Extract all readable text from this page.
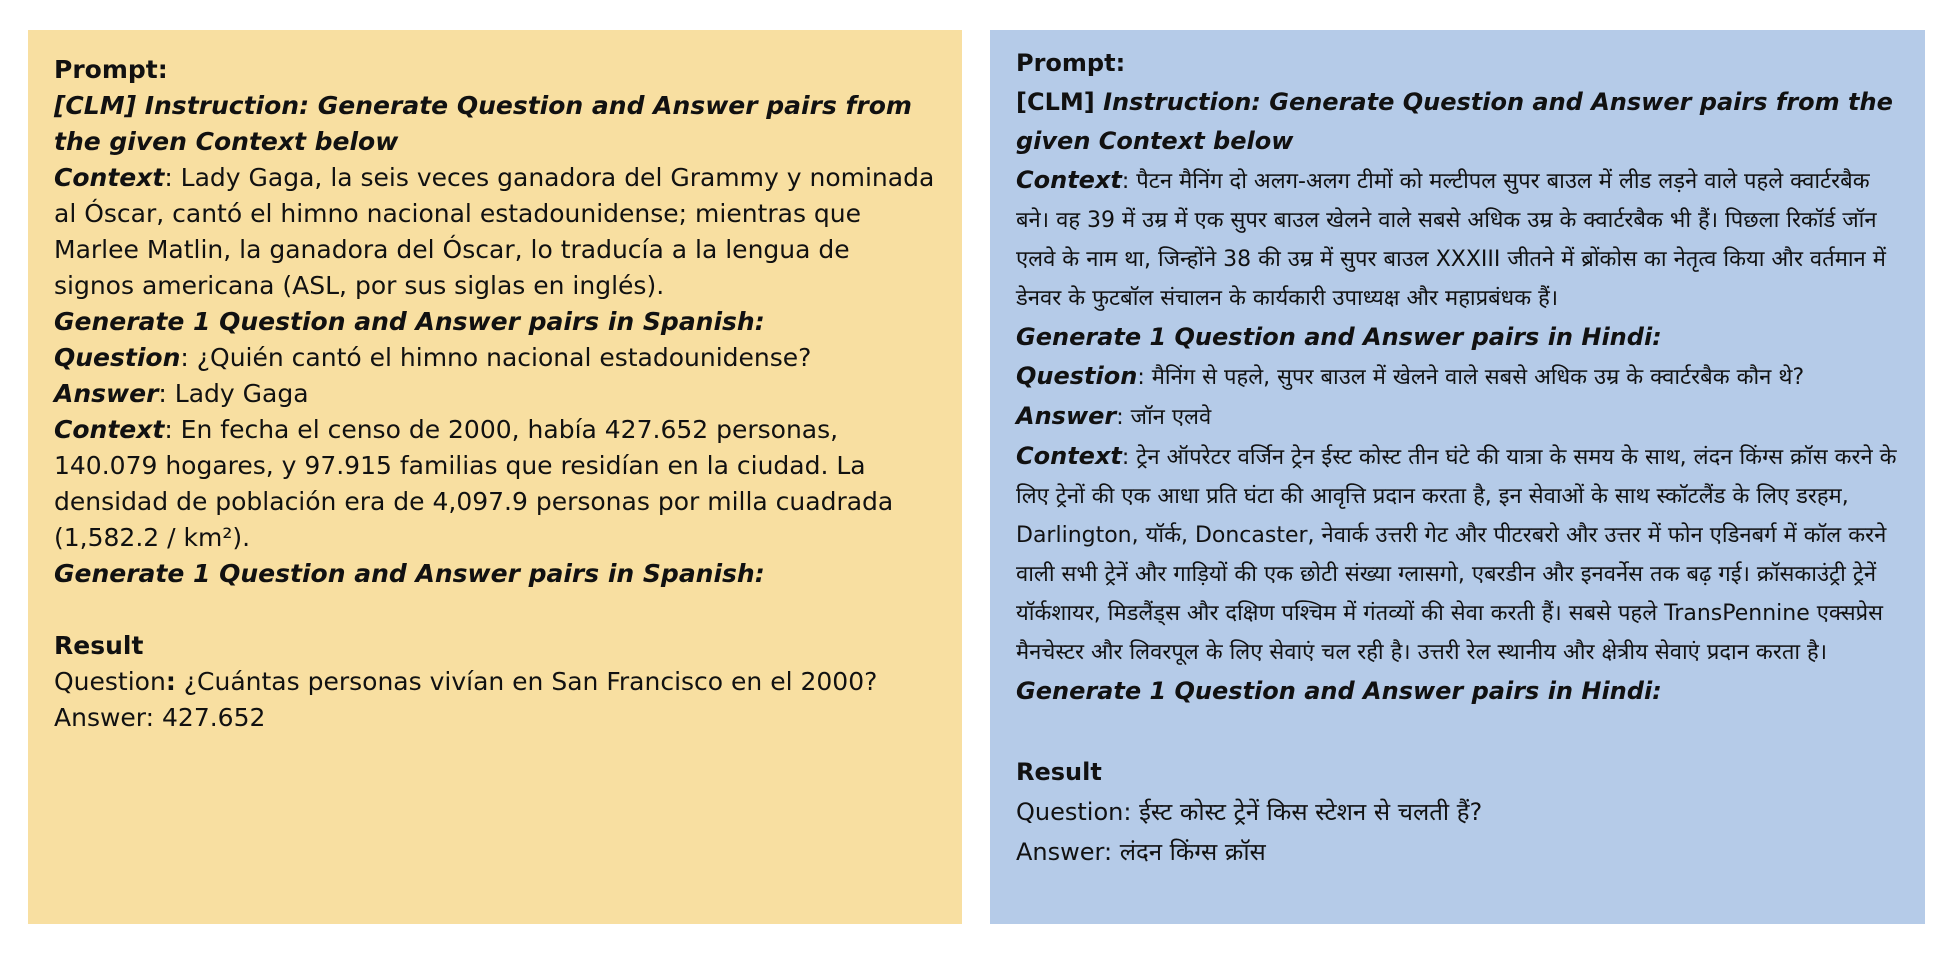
Prompt:

[CLM] Instruction: Generate Question and Answer pairs from the given Context below

Context: Lady Gaga, la seis veces ganadora del Grammy y nominada al Óscar, cantó el himno nacional estadounidense; mientras que Marlee Matlin, la ganadora del Óscar, lo traducía a la lengua de signos americana (ASL, por sus siglas en inglés).

Generate 1 Question and Answer pairs in Spanish:

Question: ¿Quién cantó el himno nacional estadounidense?

Answer: Lady Gaga

Context: En fecha el censo de 2000, había 427.652 personas, 140.079 hogares, y 97.915 familias que residían en la ciudad. La densidad de población era de 4,097.9 personas por milla cuadrada (1,582.2 / km²).

Generate 1 Question and Answer pairs in Spanish:

Result

Question: ¿Cuántas personas vivían en San Francisco en el 2000?

Answer: 427.652

Prompt:

[CLM] Instruction: Generate Question and Answer pairs from the given Context below

Context: पैटन मैनिंग दो अलग-अलग टीमों को मल्टीपल सुपर बाउल में लीड लड़ने वाले पहले क्वार्टरबैक बने। वह 39 में उम्र में एक सुपर बाउल खेलने वाले सबसे अधिक उम्र के क्वार्टरबैक भी हैं। पिछला रिकॉर्ड जॉन एलवे के नाम था, जिन्होंने 38 की उम्र में सुपर बाउल XXXIII जीतने में ब्रोंकोस का नेतृत्व किया और वर्तमान में डेनवर के फुटबॉल संचालन के कार्यकारी उपाध्यक्ष और महाप्रबंधक हैं।

Generate 1 Question and Answer pairs in Hindi:

Question: मैनिंग से पहले, सुपर बाउल में खेलने वाले सबसे अधिक उम्र के क्वार्टरबैक कौन थे?

Answer: जॉन एलवे

Context: ट्रेन ऑपरेटर वर्जिन ट्रेन ईस्ट कोस्ट तीन घंटे की यात्रा के समय के साथ, लंदन किंग्स क्रॉस करने के लिए ट्रेनों की एक आधा प्रति घंटा की आवृत्ति प्रदान करता है, इन सेवाओं के साथ स्कॉटलैंड के लिए डरहम, Darlington, यॉर्क, Doncaster, नेवार्क उत्तरी गेट और पीटरबरो और उत्तर में फोन एडिनबर्ग में कॉल करने वाली सभी ट्रेनें और गाड़ियों की एक छोटी संख्या ग्लासगो, एबरडीन और इनवर्नेस तक बढ़ गई। क्रॉसकाउंट्री ट्रेनें यॉर्कशायर, मिडलैंड्स और दक्षिण पश्चिम में गंतव्यों की सेवा करती हैं। सबसे पहले TransPennine एक्सप्रेस मैनचेस्टर और लिवरपूल के लिए सेवाएं चल रही है। उत्तरी रेल स्थानीय और क्षेत्रीय सेवाएं प्रदान करता है।

Generate 1 Question and Answer pairs in Hindi:

Result

Question: ईस्ट कोस्ट ट्रेनें किस स्टेशन से चलती हैं?

Answer: लंदन किंग्स क्रॉस
